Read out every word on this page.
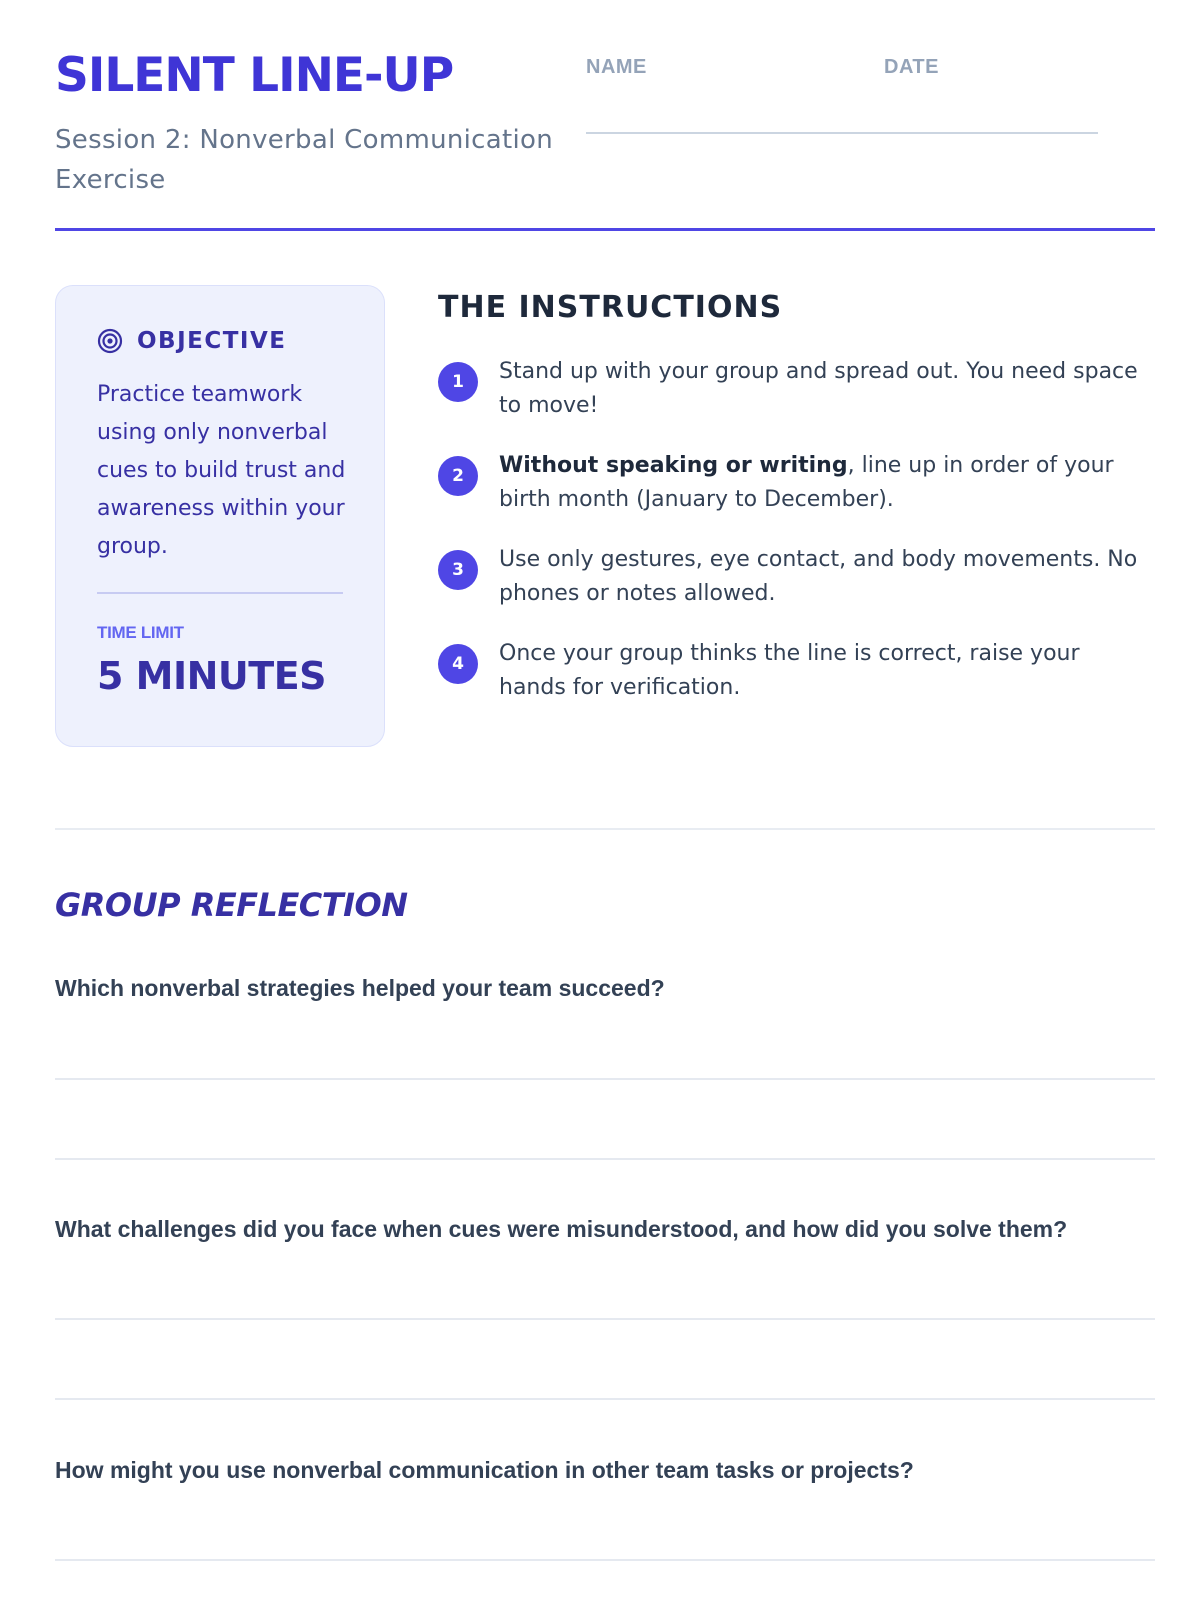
SILENT LINE-UP

Session 2: Nonverbal Communication Exercise

NAME	DATE
OBJECTIVE

Practice teamwork using only nonverbal cues to build trust and awareness within your group.

TIME LIMIT
5 MINUTES
THE INSTRUCTIONS
1	Stand up with your group and spread out. You need space to move!

2	Without speaking or writing, line up in order of your birth month (January to December).

3	Use only gestures, eye contact, and body movements. No phones or notes allowed.

4	Once your group thinks the line is correct, raise your hands for verification.

GROUP REFLECTION

Which nonverbal strategies helped your team succeed?

What challenges did you face when cues were misunderstood, and how did you solve them?

How might you use nonverbal communication in other team tasks or projects?
